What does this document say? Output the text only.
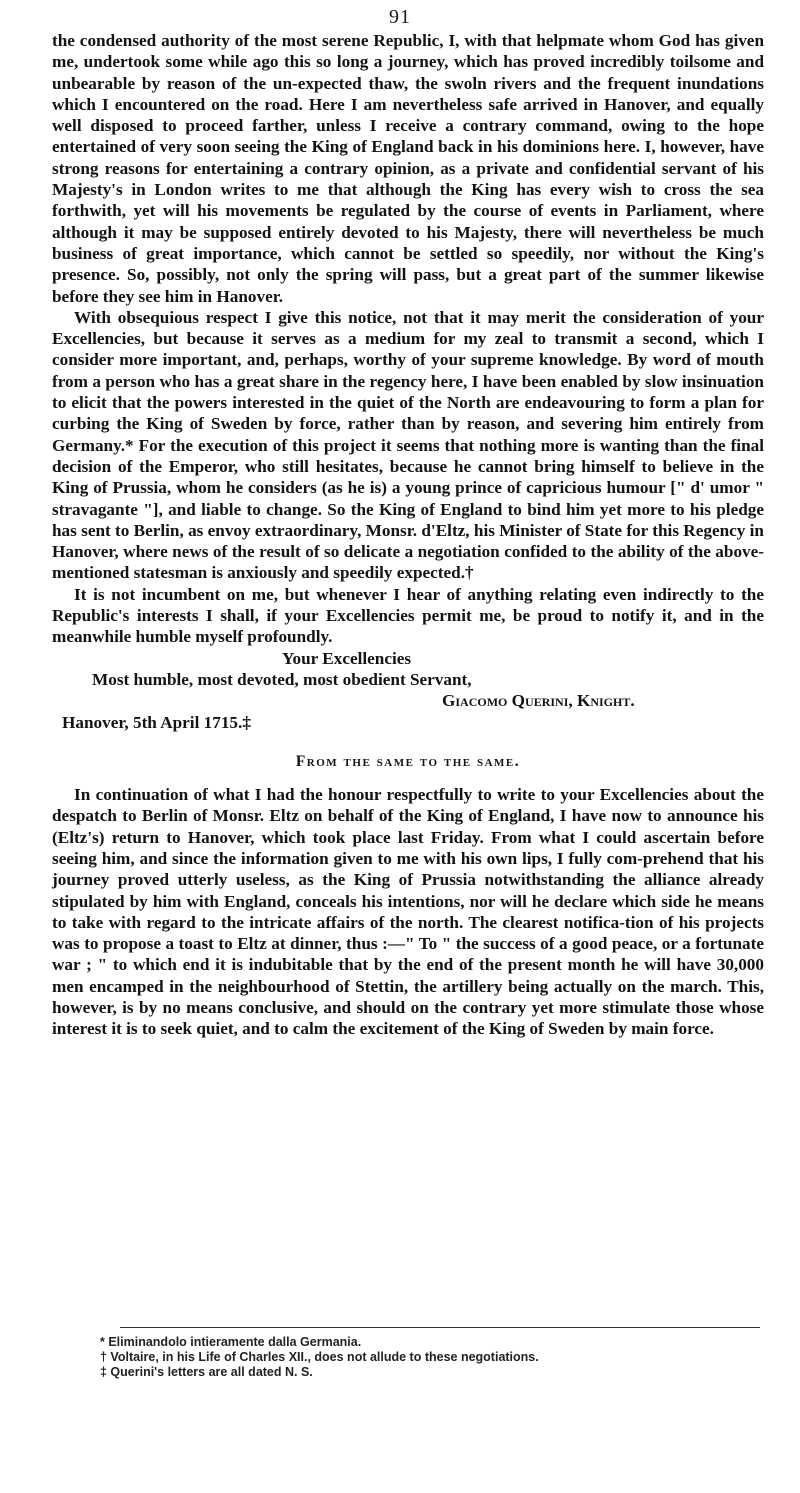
91

the condensed authority of the most serene Republic, I, with that helpmate whom God has given me, undertook some while ago this so long a journey, which has proved incredibly toilsome and unbearable by reason of the un-expected thaw, the swoln rivers and the frequent inundations which I encountered on the road. Here I am nevertheless safe arrived in Hanover, and equally well disposed to proceed farther, unless I receive a contrary command, owing to the hope entertained of very soon seeing the King of England back in his dominions here. I, however, have strong reasons for entertaining a contrary opinion, as a private and confidential servant of his Majesty's in London writes to me that although the King has every wish to cross the sea forthwith, yet will his movements be regulated by the course of events in Parliament, where although it may be supposed entirely devoted to his Majesty, there will nevertheless be much business of great importance, which cannot be settled so speedily, nor without the King's presence. So, possibly, not only the spring will pass, but a great part of the summer likewise before they see him in Hanover.

With obsequious respect I give this notice, not that it may merit the consideration of your Excellencies, but because it serves as a medium for my zeal to transmit a second, which I consider more important, and, perhaps, worthy of your supreme knowledge. By word of mouth from a person who has a great share in the regency here, I have been enabled by slow insinuation to elicit that the powers interested in the quiet of the North are endeavouring to form a plan for curbing the King of Sweden by force, rather than by reason, and severing him entirely from Germany.* For the execution of this project it seems that nothing more is wanting than the final decision of the Emperor, who still hesitates, because he cannot bring himself to believe in the King of Prussia, whom he considers (as he is) a young prince of capricious humour [" d' umor " stravagante "], and liable to change. So the King of England to bind him yet more to his pledge has sent to Berlin, as envoy extraordinary, Monsr. d'Eltz, his Minister of State for this Regency in Hanover, where news of the result of so delicate a negotiation confided to the ability of the above-mentioned statesman is anxiously and speedily expected.†

It is not incumbent on me, but whenever I hear of anything relating even indirectly to the Republic's interests I shall, if your Excellencies permit me, be proud to notify it, and in the meanwhile humble myself profoundly.

Your Excellencies

Most humble, most devoted, most obedient Servant,

Giacomo Querini, Knight.

Hanover, 5th April 1715.‡

From the same to the same.

In continuation of what I had the honour respectfully to write to your Excellencies about the despatch to Berlin of Monsr. Eltz on behalf of the King of England, I have now to announce his (Eltz's) return to Hanover, which took place last Friday. From what I could ascertain before seeing him, and since the information given to me with his own lips, I fully com-prehend that his journey proved utterly useless, as the King of Prussia notwithstanding the alliance already stipulated by him with England, conceals his intentions, nor will he declare which side he means to take with regard to the intricate affairs of the north. The clearest notifica-tion of his projects was to propose a toast to Eltz at dinner, thus :—" To " the success of a good peace, or a fortunate war ; " to which end it is indubitable that by the end of the present month he will have 30,000 men encamped in the neighbourhood of Stettin, the artillery being actually on the march. This, however, is by no means conclusive, and should on the contrary yet more stimulate those whose interest it is to seek quiet, and to calm the excitement of the King of Sweden by main force.

* Eliminandolo intieramente dalla Germania.

† Voltaire, in his Life of Charles XII., does not allude to these negotiations.

‡ Querini's letters are all dated N. S.
